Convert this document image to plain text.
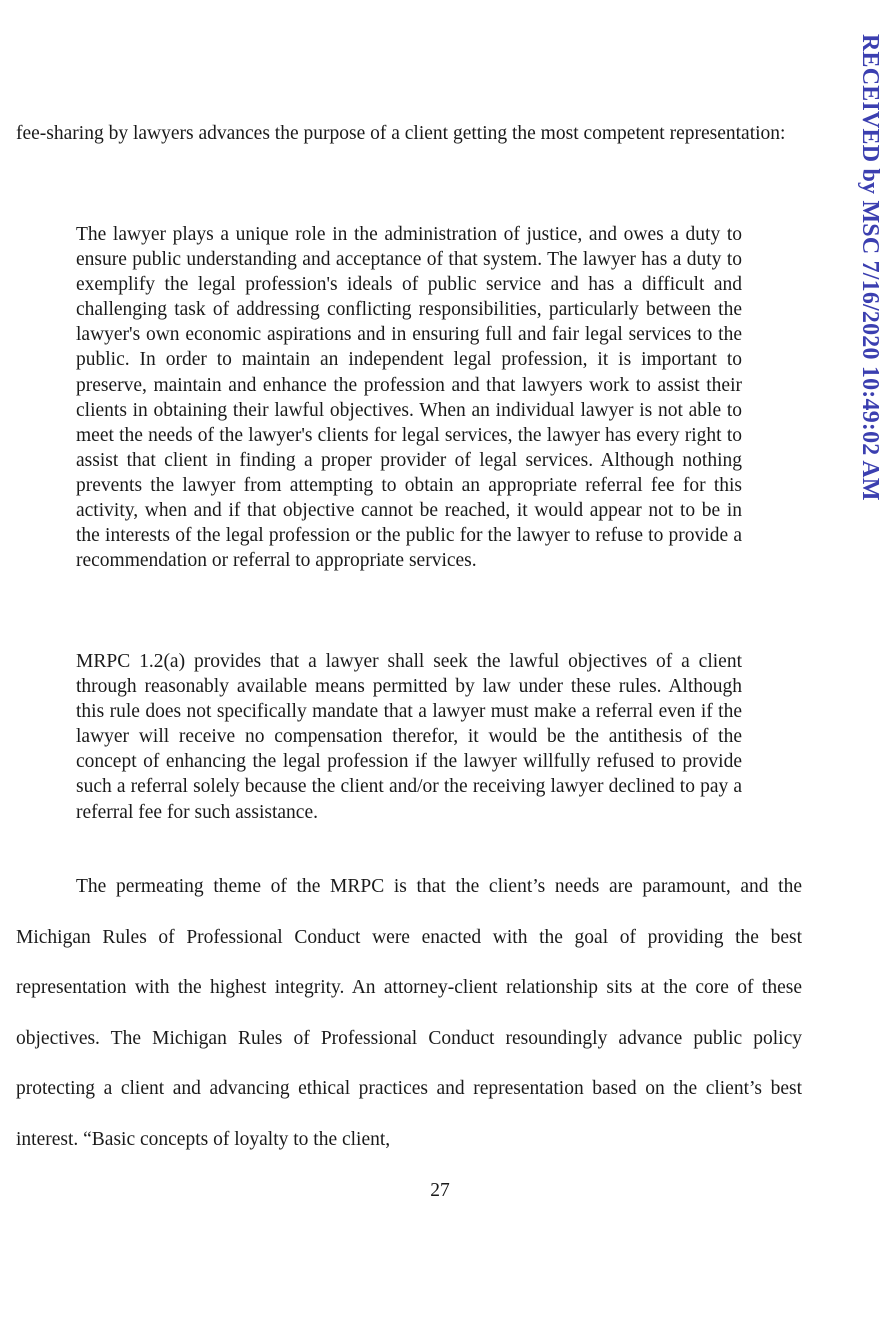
fee-sharing by lawyers advances the purpose of a client getting the most competent representation:

The lawyer plays a unique role in the administration of justice, and owes a duty to ensure public understanding and acceptance of that system. The lawyer has a duty to exemplify the legal profession's ideals of public service and has a difficult and challenging task of addressing conflicting responsibilities, particularly between the lawyer's own economic aspirations and in ensuring full and fair legal services to the public. In order to maintain an independent legal profession, it is important to preserve, maintain and enhance the profession and that lawyers work to assist their clients in obtaining their lawful objectives. When an individual lawyer is not able to meet the needs of the lawyer's clients for legal services, the lawyer has every right to assist that client in finding a proper provider of legal services. Although nothing prevents the lawyer from attempting to obtain an appropriate referral fee for this activity, when and if that objective cannot be reached, it would appear not to be in the interests of the legal profession or the public for the lawyer to refuse to provide a recommendation or referral to appropriate services.

MRPC 1.2(a) provides that a lawyer shall seek the lawful objectives of a client through reasonably available means permitted by law under these rules. Although this rule does not specifically mandate that a lawyer must make a referral even if the lawyer will receive no compensation therefor, it would be the antithesis of the concept of enhancing the legal profession if the lawyer willfully refused to provide such a referral solely because the client and/or the receiving lawyer declined to pay a referral fee for such assistance.

The permeating theme of the MRPC is that the client’s needs are paramount, and the Michigan Rules of Professional Conduct were enacted with the goal of providing the best representation with the highest integrity. An attorney-client relationship sits at the core of these objectives. The Michigan Rules of Professional Conduct resoundingly advance public policy protecting a client and advancing ethical practices and representation based on the client’s best interest. “Basic concepts of loyalty to the client,

27

RECEIVED by MSC 7/16/2020 10:49:02 AM
